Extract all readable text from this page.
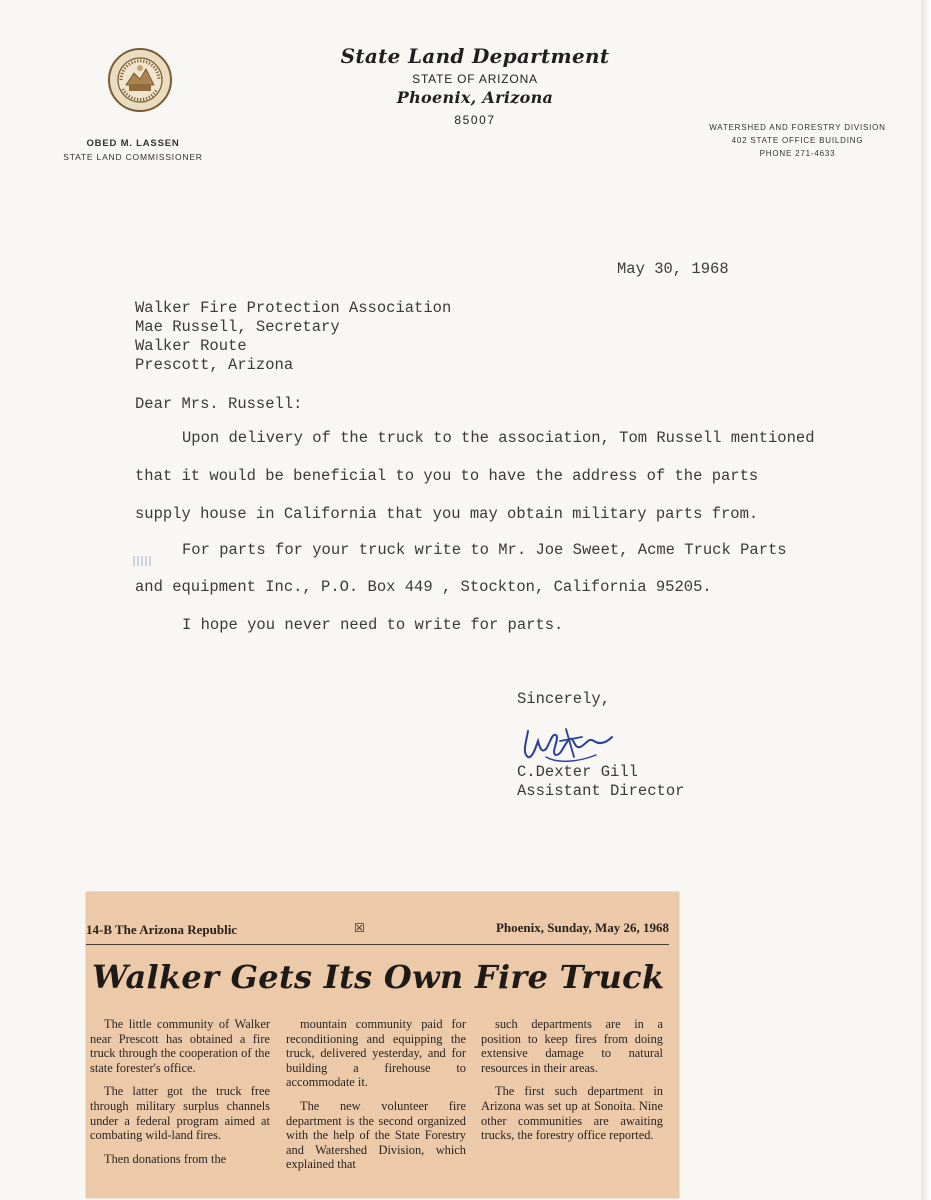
OBED M. LASSEN
STATE LAND COMMISSIONER
State Land Department
STATE OF ARIZONA
Phoenix, Arizona
85007
WATERSHED AND FORESTRY DIVISION
402 STATE OFFICE BUILDING
PHONE 271-4633
May 30, 1968
Walker Fire Protection Association
Mae Russell, Secretary
Walker Route
Prescott, Arizona
Dear Mrs. Russell:
Upon delivery of the truck to the association, Tom Russell mentioned
that it would be beneficial to you to have the address of the parts
supply house in California that you may obtain military parts from.
For parts for your truck write to Mr. Joe Sweet, Acme Truck Parts
and equipment Inc., P.O. Box 449 , Stockton, California 95205.
I hope you never need to write for parts.
Sincerely,
C.Dexter Gill
Assistant Director
14-B The Arizona Republic	☒	Phoenix, Sunday, May 26, 1968
Walker Gets Its Own Fire Truck

The little community of Walker near Prescott has obtained a fire truck through the cooperation of the state forester's office.

The latter got the truck free through military surplus channels under a federal program aimed at combating wild-land fires.

Then donations from the

mountain community paid for reconditioning and equipping the truck, delivered yesterday, and for building a firehouse to accommodate it.

The new volunteer fire department is the second organized with the help of the State Forestry and Watershed Division, which explained that

such departments are in a position to keep fires from doing extensive damage to natural resources in their areas.

The first such department in Arizona was set up at Sonoita. Nine other communities are awaiting trucks, the forestry office reported.
